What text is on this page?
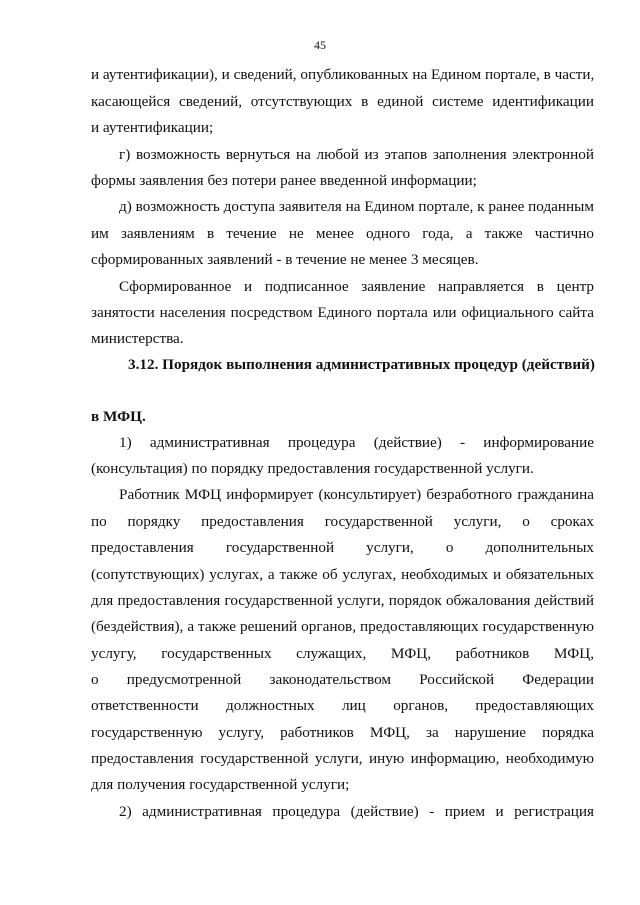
45
и аутентификации), и сведений, опубликованных на Едином портале, в части,
касающейся сведений, отсутствующих в единой системе идентификации
и аутентификации;
г) возможность вернуться на любой из этапов заполнения электронной
формы заявления без потери ранее введенной информации;
д) возможность доступа заявителя на Едином портале, к ранее поданным
им заявлениям в течение не менее одного года, а также частично
сформированных заявлений - в течение не менее 3 месяцев.
Сформированное и подписанное заявление направляется в центр
занятости населения посредством Единого портала или официального сайта
министерства.
3.12. Порядок выполнения административных процедур (действий)
в МФЦ.
1) административная процедура (действие) - информирование
(консультация) по порядку предоставления государственной услуги.
Работник МФЦ информирует (консультирует) безработного гражданина
по порядку предоставления государственной услуги, о сроках
предоставления государственной услуги, о дополнительных
(сопутствующих) услугах, а также об услугах, необходимых и обязательных
для предоставления государственной услуги, порядок обжалования действий
(бездействия), а также решений органов, предоставляющих государственную
услугу, государственных служащих, МФЦ, работников МФЦ,
о предусмотренной законодательством Российской Федерации
ответственности должностных лиц органов, предоставляющих
государственную услугу, работников МФЦ, за нарушение порядка
предоставления государственной услуги, иную информацию, необходимую
для получения государственной услуги;
2) административная процедура (действие) - прием и регистрация
